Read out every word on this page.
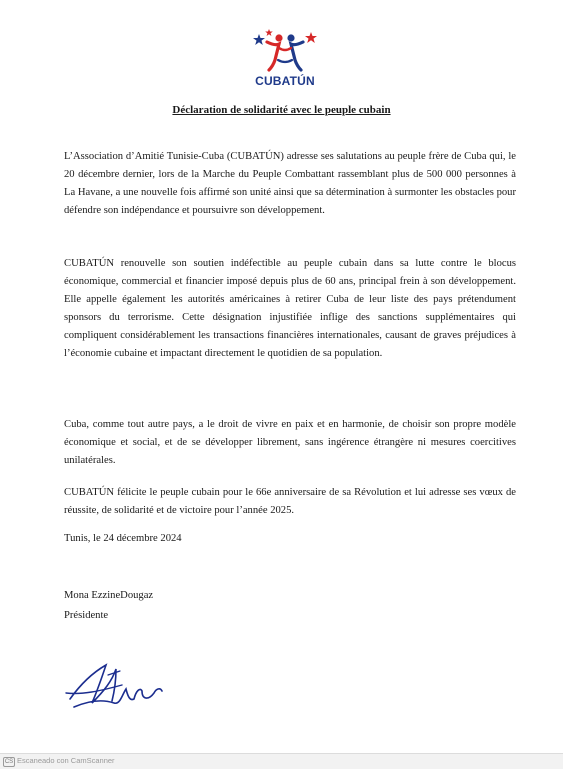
CUBATÚN
Déclaration de solidarité avec le peuple cubain

L’Association d’Amitié Tunisie-Cuba (CUBATÚN) adresse ses salutations au peuple frère de Cuba qui, le 20 décembre dernier, lors de la Marche du Peuple Combattant rassemblant plus de 500 000 personnes à La Havane, a une nouvelle fois affirmé son unité ainsi que sa détermination à surmonter les obstacles pour défendre son indépendance et poursuivre son développement.

CUBATÚN renouvelle son soutien indéfectible au peuple cubain dans sa lutte contre le blocus économique, commercial et financier imposé depuis plus de 60 ans, principal frein à son développement. Elle appelle également les autorités américaines à retirer Cuba de leur liste des pays prétendument sponsors du terrorisme. Cette désignation injustifiée inflige des sanctions supplémentaires qui compliquent considérablement les transactions financières internationales, causant de graves préjudices à l’économie cubaine et impactant directement le quotidien de sa population.

Cuba, comme tout autre pays, a le droit de vivre en paix et en harmonie, de choisir son propre modèle économique et social, et de se développer librement, sans ingérence étrangère ni mesures coercitives unilatérales.

CUBATÚN félicite le peuple cubain pour le 66e anniversaire de sa Révolution et lui adresse ses vœux de réussite, de solidarité et de victoire pour l’année 2025.

Tunis, le 24 décembre 2024
Mona EzzineDougaz
Présidente
CS Escaneado con CamScanner
